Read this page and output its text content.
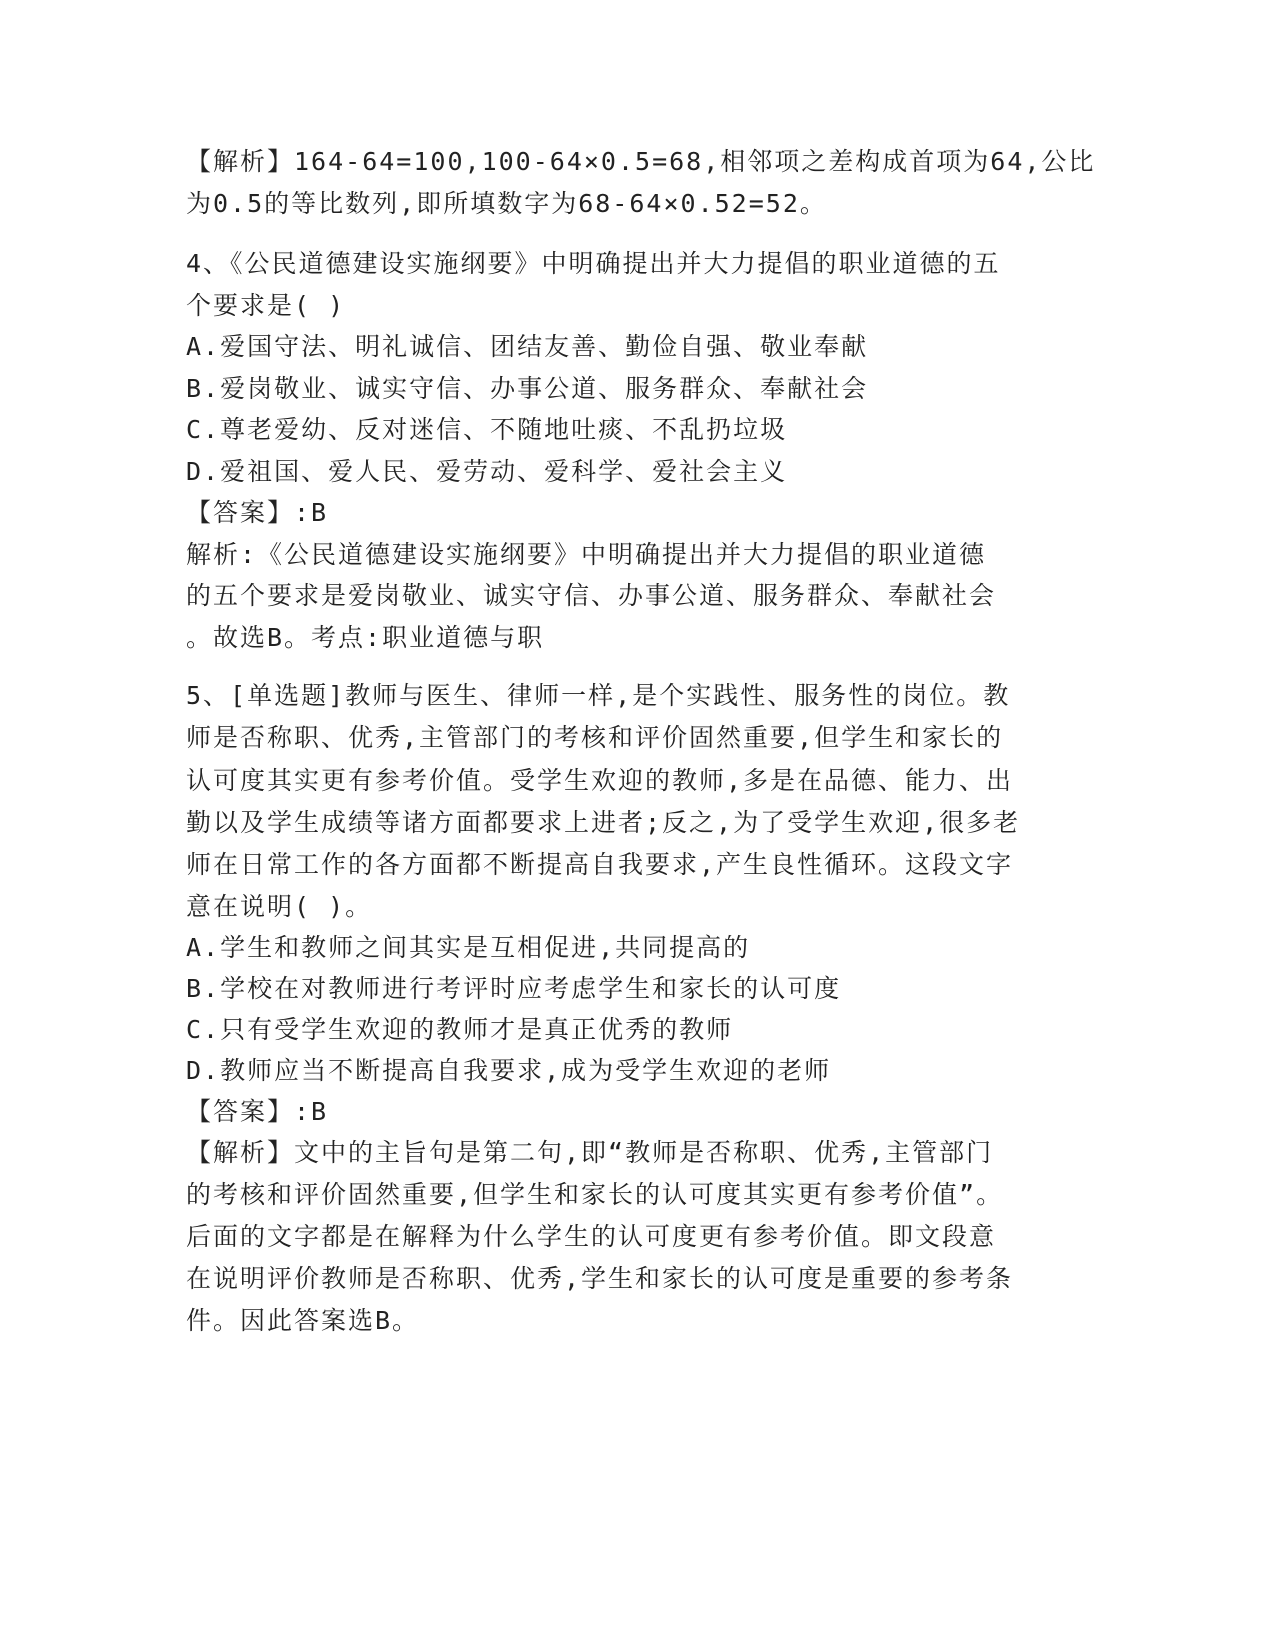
【解析】164-64=100,100-64×0.5=68,相邻项之差构成首项为64,公比

为0.5的等比数列,即所填数字为68-64×0.52=52。

4、《公民道德建设实施纲要》中明确提出并大力提倡的职业道德的五

个要求是( )

A.爱国守法、明礼诚信、团结友善、勤俭自强、敬业奉献

B.爱岗敬业、诚实守信、办事公道、服务群众、奉献社会

C.尊老爱幼、反对迷信、不随地吐痰、不乱扔垃圾

D.爱祖国、爱人民、爱劳动、爱科学、爱社会主义

【答案】:B

解析:《公民道德建设实施纲要》中明确提出并大力提倡的职业道德

的五个要求是爱岗敬业、诚实守信、办事公道、服务群众、奉献社会

。故选B。考点:职业道德与职

5、[单选题]教师与医生、律师一样,是个实践性、服务性的岗位。教

师是否称职、优秀,主管部门的考核和评价固然重要,但学生和家长的

认可度其实更有参考价值。受学生欢迎的教师,多是在品德、能力、出

勤以及学生成绩等诸方面都要求上进者;反之,为了受学生欢迎,很多老

师在日常工作的各方面都不断提高自我要求,产生良性循环。这段文字

意在说明( )。

A.学生和教师之间其实是互相促进,共同提高的

B.学校在对教师进行考评时应考虑学生和家长的认可度

C.只有受学生欢迎的教师才是真正优秀的教师

D.教师应当不断提高自我要求,成为受学生欢迎的老师

【答案】:B

【解析】文中的主旨句是第二句,即“教师是否称职、优秀,主管部门

的考核和评价固然重要,但学生和家长的认可度其实更有参考价值”。

后面的文字都是在解释为什么学生的认可度更有参考价值。即文段意

在说明评价教师是否称职、优秀,学生和家长的认可度是重要的参考条

件。因此答案选B。
